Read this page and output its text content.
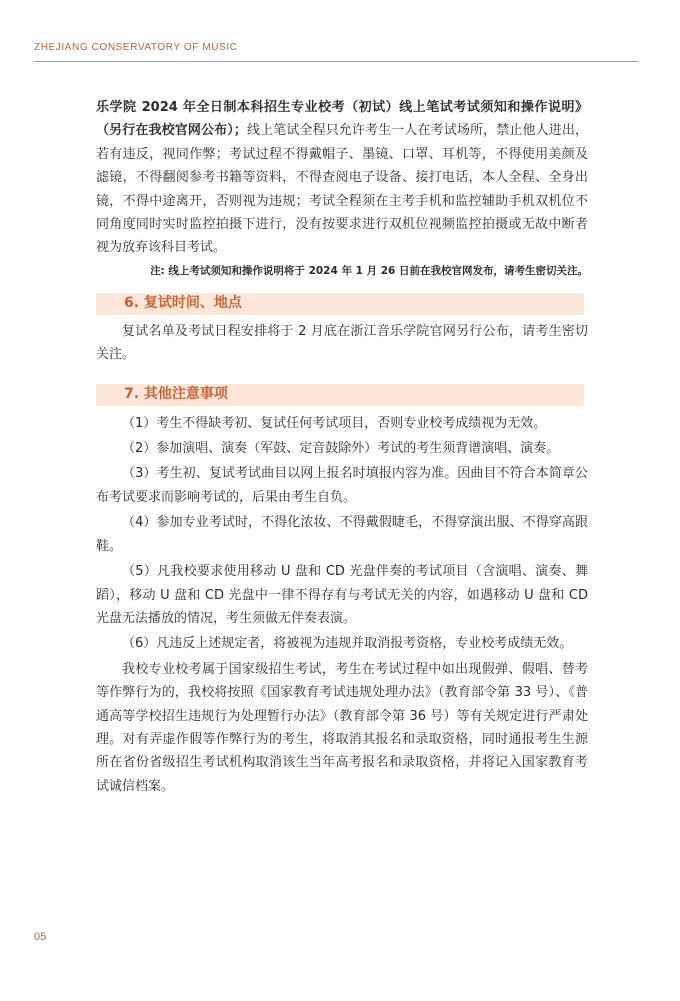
ZHEJIANG CONSERVATORY OF MUSIC

乐学院 2024 年全日制本科招生专业校考（初试）线上笔试考试须知和操作说明》（另行在我校官网公布）；线上笔试全程只允许考生一人在考试场所，禁止他人进出，若有违反，视同作弊；考试过程不得戴帽子、墨镜、口罩、耳机等，不得使用美颜及滤镜，不得翻阅参考书籍等资料，不得查阅电子设备、接打电话，本人全程、全身出镜，不得中途离开，否则视为违规；考试全程须在主考手机和监控辅助手机双机位不同角度同时实时监控拍摄下进行，没有按要求进行双机位视频监控拍摄或无故中断者视为放弃该科目考试。

注: 线上考试须知和操作说明将于 2024 年 1 月 26 日前在我校官网发布，请考生密切关注。

6. 复试时间、地点

复试名单及考试日程安排将于 2 月底在浙江音乐学院官网另行公布，请考生密切关注。

7. 其他注意事项

（1）考生不得缺考初、复试任何考试项目，否则专业校考成绩视为无效。

（2）参加演唱、演奏（军鼓、定音鼓除外）考试的考生须背谱演唱、演奏。

（3）考生初、复试考试曲目以网上报名时填报内容为准。因曲目不符合本简章公布考试要求而影响考试的，后果由考生自负。

（4）参加专业考试时，不得化浓妆、不得戴假睫毛，不得穿演出服、不得穿高跟鞋。

（5）凡我校要求使用移动 U 盘和 CD 光盘伴奏的考试项目（含演唱、演奏、舞蹈），移动 U 盘和 CD 光盘中一律不得存有与考试无关的内容，如遇移动 U 盘和 CD 光盘无法播放的情况，考生须做无伴奏表演。

（6）凡违反上述规定者，将被视为违规并取消报考资格，专业校考成绩无效。

我校专业校考属于国家级招生考试，考生在考试过程中如出现假弹、假唱、替考等作弊行为的，我校将按照《国家教育考试违规处理办法》（教育部令第 33 号）、《普通高等学校招生违规行为处理暂行办法》（教育部令第 36 号）等有关规定进行严肃处理。对有弄虚作假等作弊行为的考生，将取消其报名和录取资格，同时通报考生生源所在省份省级招生考试机构取消该生当年高考报名和录取资格，并将记入国家教育考试诚信档案。

05
